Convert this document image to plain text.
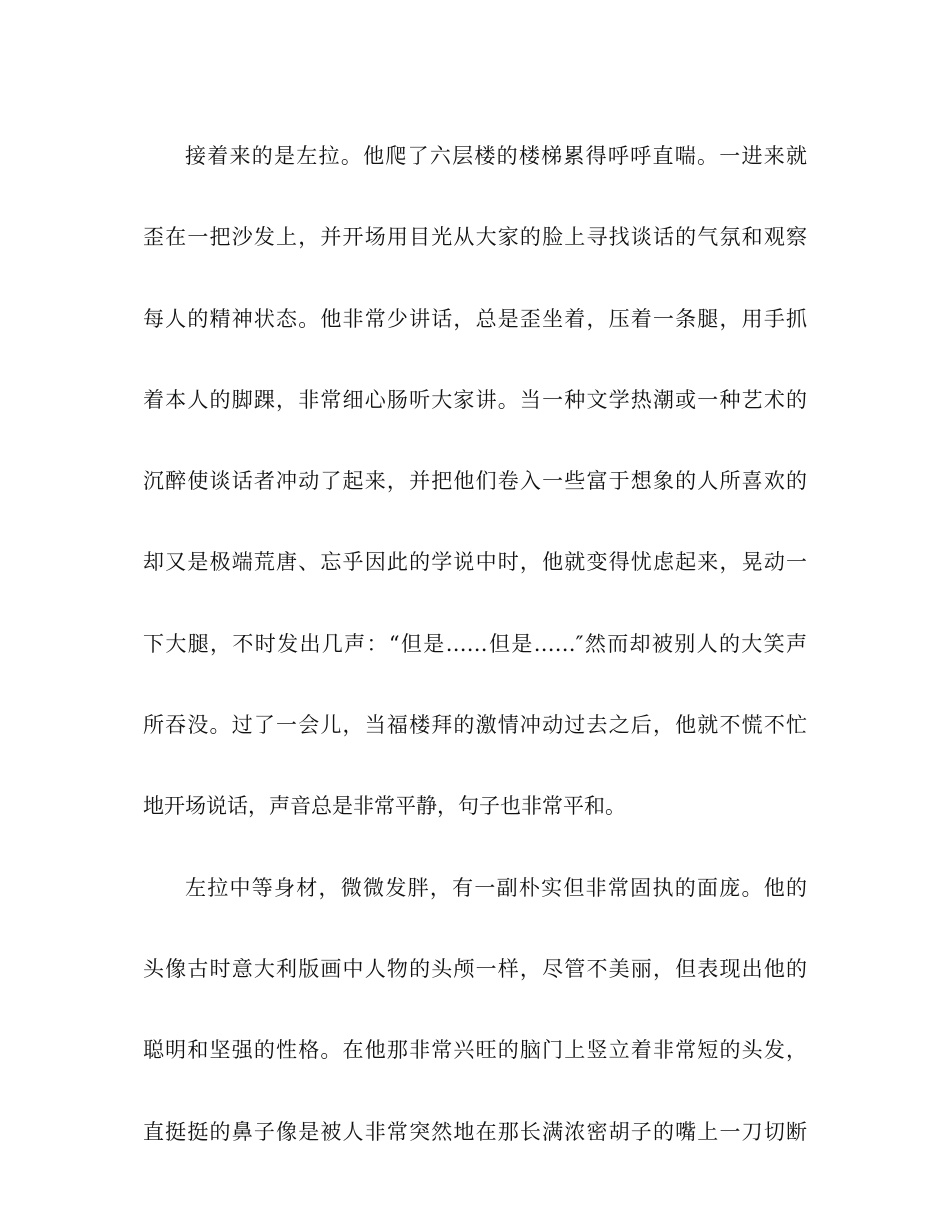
接着来的是左拉。他爬了六层楼的楼梯累得呼呼直喘。一进来就
歪在一把沙发上，并开场用目光从大家的脸上寻找谈话的气氛和观察
每人的精神状态。他非常少讲话，总是歪坐着，压着一条腿，用手抓
着本人的脚踝，非常细心肠听大家讲。当一种文学热潮或一种艺术的
沉醉使谈话者冲动了起来，并把他们卷入一些富于想象的人所喜欢的
却又是极端荒唐、忘乎因此的学说中时，他就变得忧虑起来，晃动一
下大腿，不时发出几声：“但是……但是……″然而却被别人的大笑声
所吞没。过了一会儿，当福楼拜的激情冲动过去之后，他就不慌不忙
地开场说话，声音总是非常平静，句子也非常平和。
左拉中等身材，微微发胖，有一副朴实但非常固执的面庞。他的
头像古时意大利版画中人物的头颅一样，尽管不美丽，但表现出他的
聪明和坚强的性格。在他那非常兴旺的脑门上竖立着非常短的头发，
直挺挺的鼻子像是被人非常突然地在那长满浓密胡子的嘴上一刀切断
